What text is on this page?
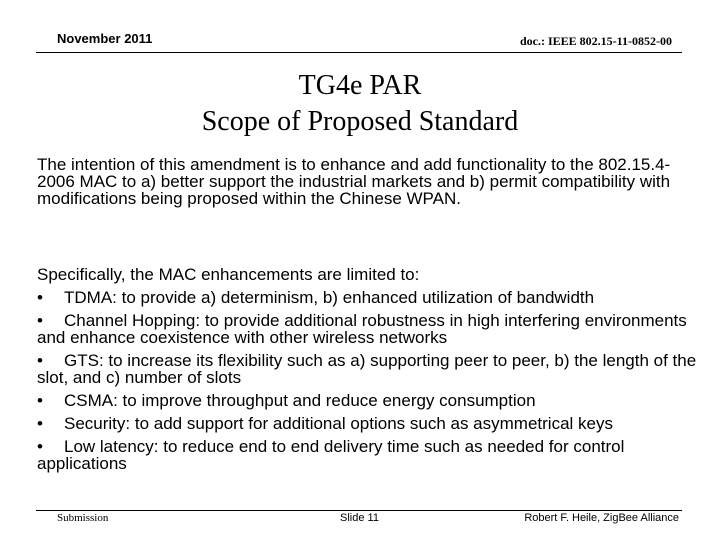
November 2011	doc.: IEEE 802.15-11-0852-00
TG4e PAR
Scope of Proposed Standard
The intention of this amendment is to enhance and add functionality to the 802.15.4-2006 MAC to a) better support the industrial markets and b) permit compatibility with modifications being proposed within the Chinese WPAN.
Specifically, the MAC enhancements are limited to:
• TDMA: to provide a) determinism, b) enhanced utilization of bandwidth
• Channel Hopping: to provide additional robustness in high interfering environments and enhance coexistence with other wireless networks
• GTS: to increase its flexibility such as a) supporting peer to peer, b) the length of the slot, and c) number of slots
• CSMA: to improve throughput and reduce energy consumption
• Security: to add support for additional options such as asymmetrical keys
• Low latency: to reduce end to end delivery time such as needed for control applications
Submission	Slide 11	Robert F. Heile, ZigBee Alliance
